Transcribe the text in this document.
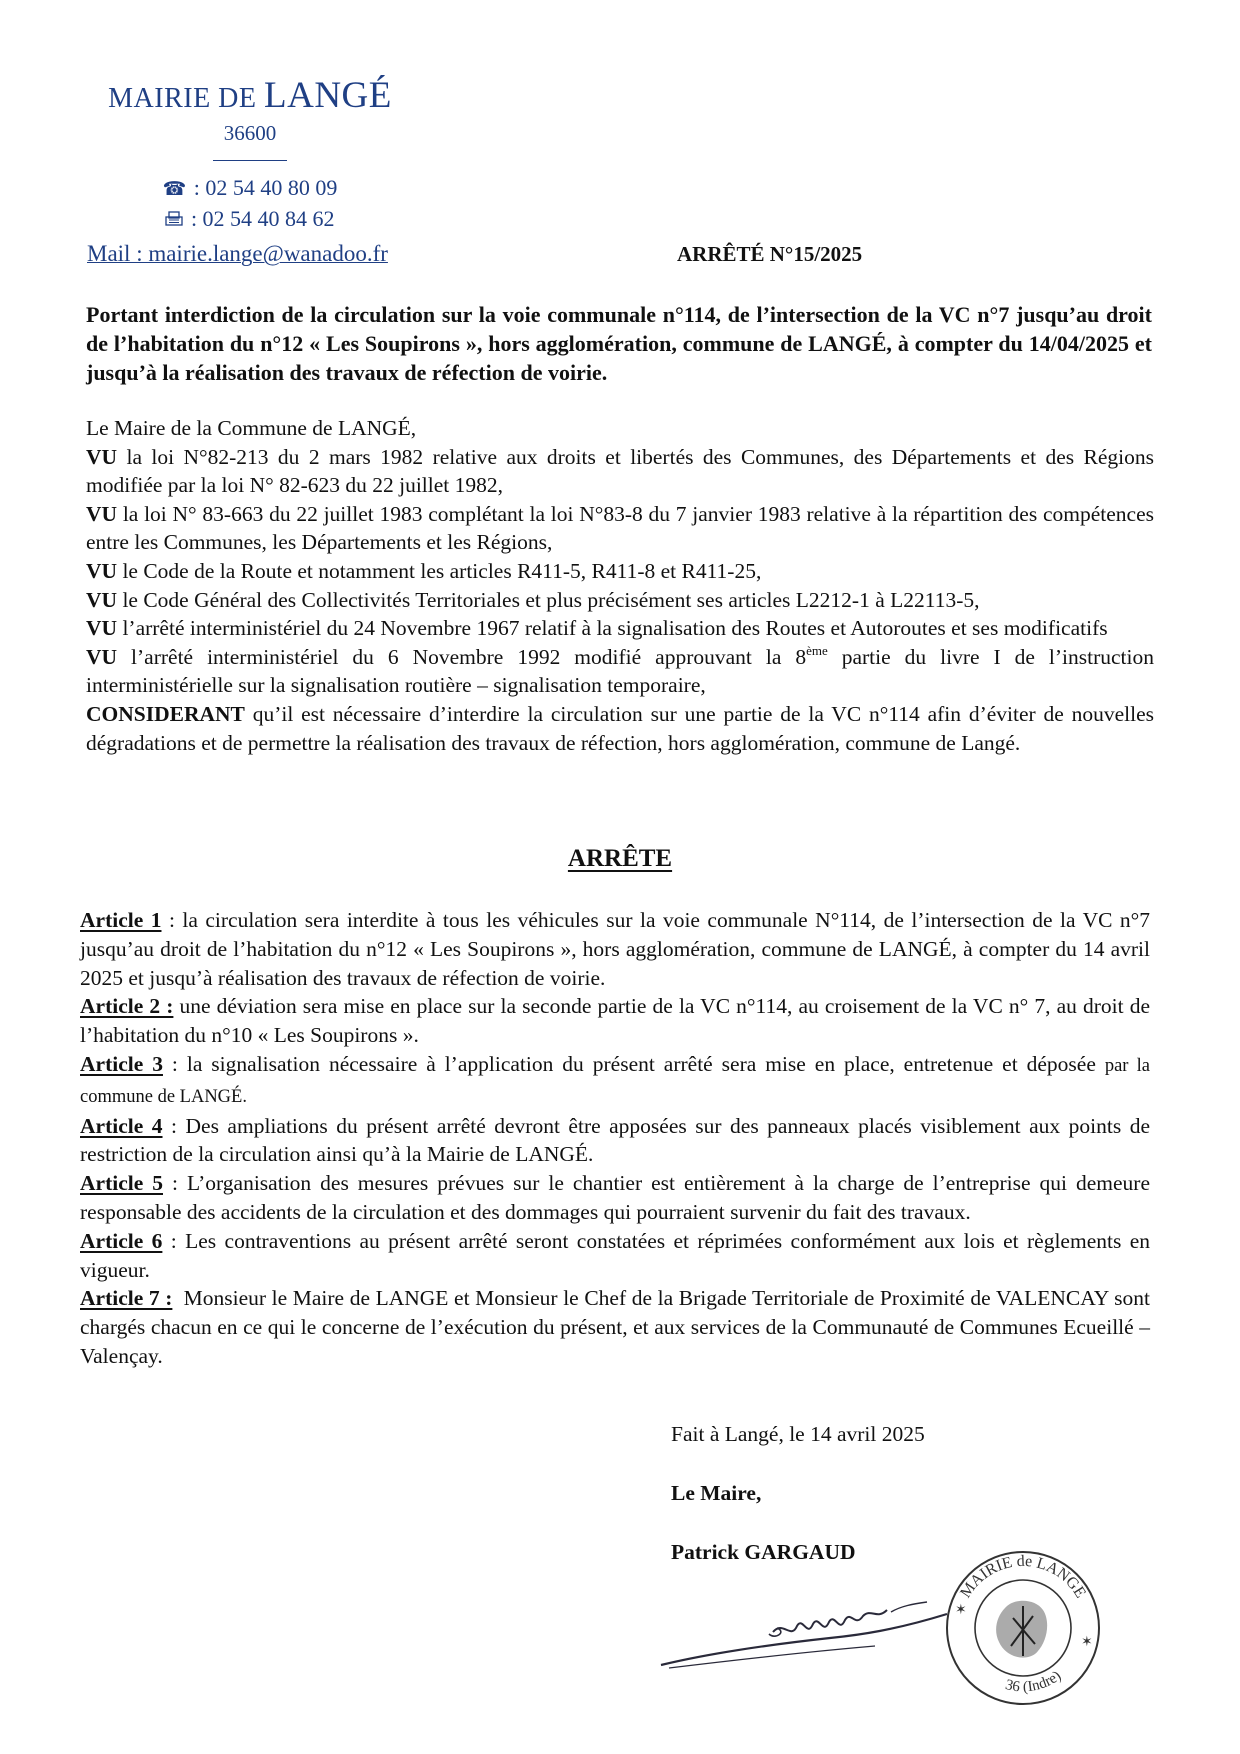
MAIRIE DE LANGÉ
36600
☎ : 02 54 40 80 09
: 02 54 40 84 62
Mail : mairie.lange@wanadoo.fr	ARRÊTÉ N°15/2025
Portant interdiction de la circulation sur la voie communale n°114, de l’intersection de la VC n°7 jusqu’au droit de l’habitation du n°12 « Les Soupirons », hors agglomération, commune de LANGÉ, à compter du 14/04/2025 et jusqu’à la réalisation des travaux de réfection de voirie.

Le Maire de la Commune de LANGÉ,

VU la loi N°82-213 du 2 mars 1982 relative aux droits et libertés des Communes, des Départements et des Régions modifiée par la loi N° 82-623 du 22 juillet 1982,

VU la loi N° 83-663 du 22 juillet 1983 complétant la loi N°83-8 du 7 janvier 1983 relative à la répartition des compétences entre les Communes, les Départements et les Régions,

VU le Code de la Route et notamment les articles R411-5, R411-8 et R411-25,

VU le Code Général des Collectivités Territoriales et plus précisément ses articles L2212-1 à L22113-5,

VU l’arrêté interministériel du 24 Novembre 1967 relatif à la signalisation des Routes et Autoroutes et ses modificatifs

VU l’arrêté interministériel du 6 Novembre 1992 modifié approuvant la 8ème partie du livre I de l’instruction interministérielle sur la signalisation routière – signalisation temporaire,

CONSIDERANT qu’il est nécessaire d’interdire la circulation sur une partie de la VC n°114 afin d’éviter de nouvelles dégradations et de permettre la réalisation des travaux de réfection, hors agglomération, commune de Langé.

ARRÊTE

Article 1 : la circulation sera interdite à tous les véhicules sur la voie communale N°114, de l’intersection de la VC n°7 jusqu’au droit de l’habitation du n°12 « Les Soupirons », hors agglomération, commune de LANGÉ, à compter du 14 avril 2025 et jusqu’à réalisation des travaux de réfection de voirie.

Article 2 : une déviation sera mise en place sur la seconde partie de la VC n°114, au croisement de la VC n° 7, au droit de l’habitation du n°10 « Les Soupirons ».

Article 3 : la signalisation nécessaire à l’application du présent arrêté sera mise en place, entretenue et déposée par la commune de LANGÉ.

Article 4 : Des ampliations du présent arrêté devront être apposées sur des panneaux placés visiblement aux points de restriction de la circulation ainsi qu’à la Mairie de LANGÉ.

Article 5 : L’organisation des mesures prévues sur le chantier est entièrement à la charge de l’entreprise qui demeure responsable des accidents de la circulation et des dommages qui pourraient survenir du fait des travaux.

Article 6 : Les contraventions au présent arrêté seront constatées et réprimées conformément aux lois et règlements en vigueur.

Article 7 : Monsieur le Maire de LANGE et Monsieur le Chef de la Brigade Territoriale de Proximité de VALENCAY sont chargés chacun en ce qui le concerne de l’exécution du présent, et aux services de la Communauté de Communes Ecueillé – Valençay.

Fait à Langé, le 14 avril 2025
Le Maire,
Patrick GARGAUD
✶
✶
MAIRIE de LANGE
36 (Indre)
